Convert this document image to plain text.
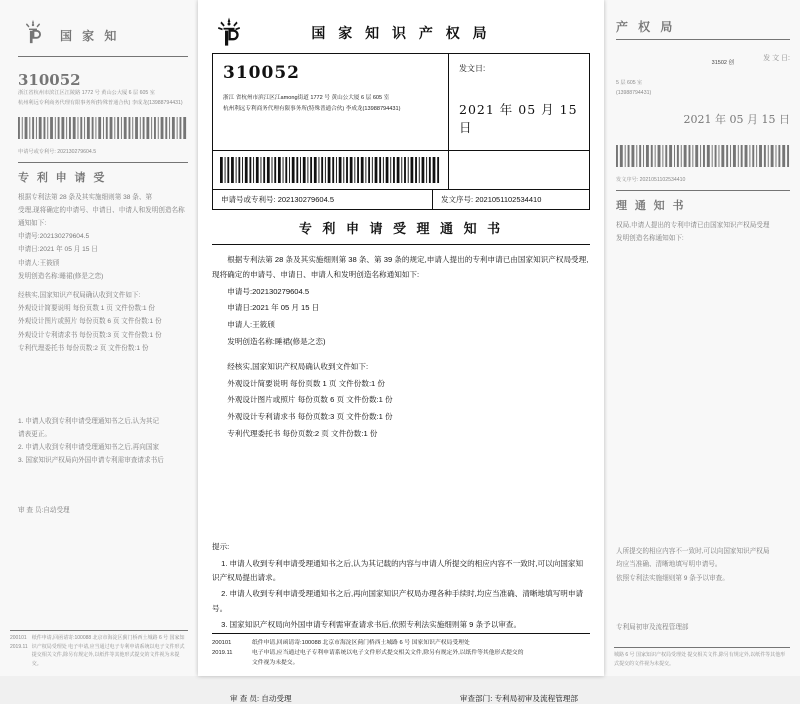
国 家 知
310052
浙江省杭州市滨江区江陵路 1772 号 黄山公大厦 6 层 605 室
杭州利远专利商务代理有限事务所(特殊普通合伙) 李成龙(13988794431)
申请号或专利号: 202130279604.5
专 利 申 请 受
根据专利法第 28 条及其实施细则第 38 条、第
受理,现将确定的申请号、申请日、申请人和发明创造名称通知如下:
申请号:202130279604.5
申请日:2021 年 05 月 15 日
申请人:王筱颀
发明创造名称:睡裙(修是之恋)
经核实,国家知识产权局确认收到文件如下:
外观设计简要说明 每份页数 1 页 文件份数:1 份
外观设计图片或照片 每份页数 6 页 文件份数:1 份
外观设计专利请求书 每份页数:3 页 文件份数:1 份
专利代理委托书 每份页数:2 页 文件份数:1 份
1. 申请人收到专利申请受理通知书之后,认为其记
请表更正。
2. 申请人收到专利申请受理通知书之后,再向国家
3. 国家知识产权局向外国申请专利需审查请求书后
审 查 员:自动受理
200101
2019.11
纸件申请,回函请寄:100088 北京市海淀区蓟门桥西土城路 6 号 国家知识产权局受理处 电子申请,应当通过电子专利申请系统以电子文件形式提交相关文件,除另有规定外,以纸件等其他形式提交的文件视为未提交。
国 家 知 识 产 权 局
310052
浙江 省杭州市滨江区江among街道 1772 号 黄山公大厦 6 层 605 室
杭州利远专利商务代理有限事务所(特殊普通合伙) 李成龙(13988794431)
发文日:
2021 年 05 月 15 日
申请号或专利号: 202130279604.5	发文序号: 2021051102534410
专 利 申 请 受 理 通 知 书

根据专利法第 28 条及其实施细则第 38 条、第 39 条的规定,申请人提出的专利申请已由国家知识产权局受理,现将确定的申请号、申请日、申请人和发明创造名称通知如下:

申请号:202130279604.5

申请日:2021 年 05 月 15 日

申请人:王筱颀

发明创造名称:睡裙(修是之恋)

经核实,国家知识产权局确认收到文件如下:

外观设计简要说明 每份页数 1 页 文件份数:1 份

外观设计图片或照片 每份页数 6 页 文件份数:1 份

外观设计专利请求书 每份页数:3 页 文件份数:1 份

专利代理委托书 每份页数:2 页 文件份数:1 份

提示:

1. 申请人收到专利申请受理通知书之后,认为其记载的内容与申请人所提交的相应内容不一致时,可以向国家知识产权局提出请求。
2. 申请人收到专利申请受理通知书之后,再向国家知识产权局办理各种手续时,均应当准确、清晰地填写明申请号。
3. 国家知识产权局向外国申请专利需审查请求书后,依照专利法实施细则第 9 条予以审查。
审 查 员: 自动受理	审查部门: 专利局初审及流程管理部
200101
2019.11
纸件申请,回函请寄:100088 北京市海淀区蓟门桥西土城路 6 号 国家知识产权局受理处
电子申请,应当通过电子专利申请系统以电子文件形式提交相关文件,除另有规定外,以纸件等其他形式提交的
文件视为未提交。
产 权 局
发 文 日:
5 层 605 室
(13988794431)
2021 年 05 月 15 日
发文序号: 2021051102534410
理 通 知 书
权局,申请人提出的专利申请已由国家知识产权局受理
发明创造名称通知如下:
人所提交的相应内容不一致时,可以向国家知识产权局
均应当准确、清晰地填写明申请号。
依照专利法实施细则第 9 条予以审查。
专利局初审及流程管理部
城路 6 号 国家知识产权局受理处 提交相关文件,除另有规定外,以纸件等其他形式提交的文件视为未提交。
31502 创
